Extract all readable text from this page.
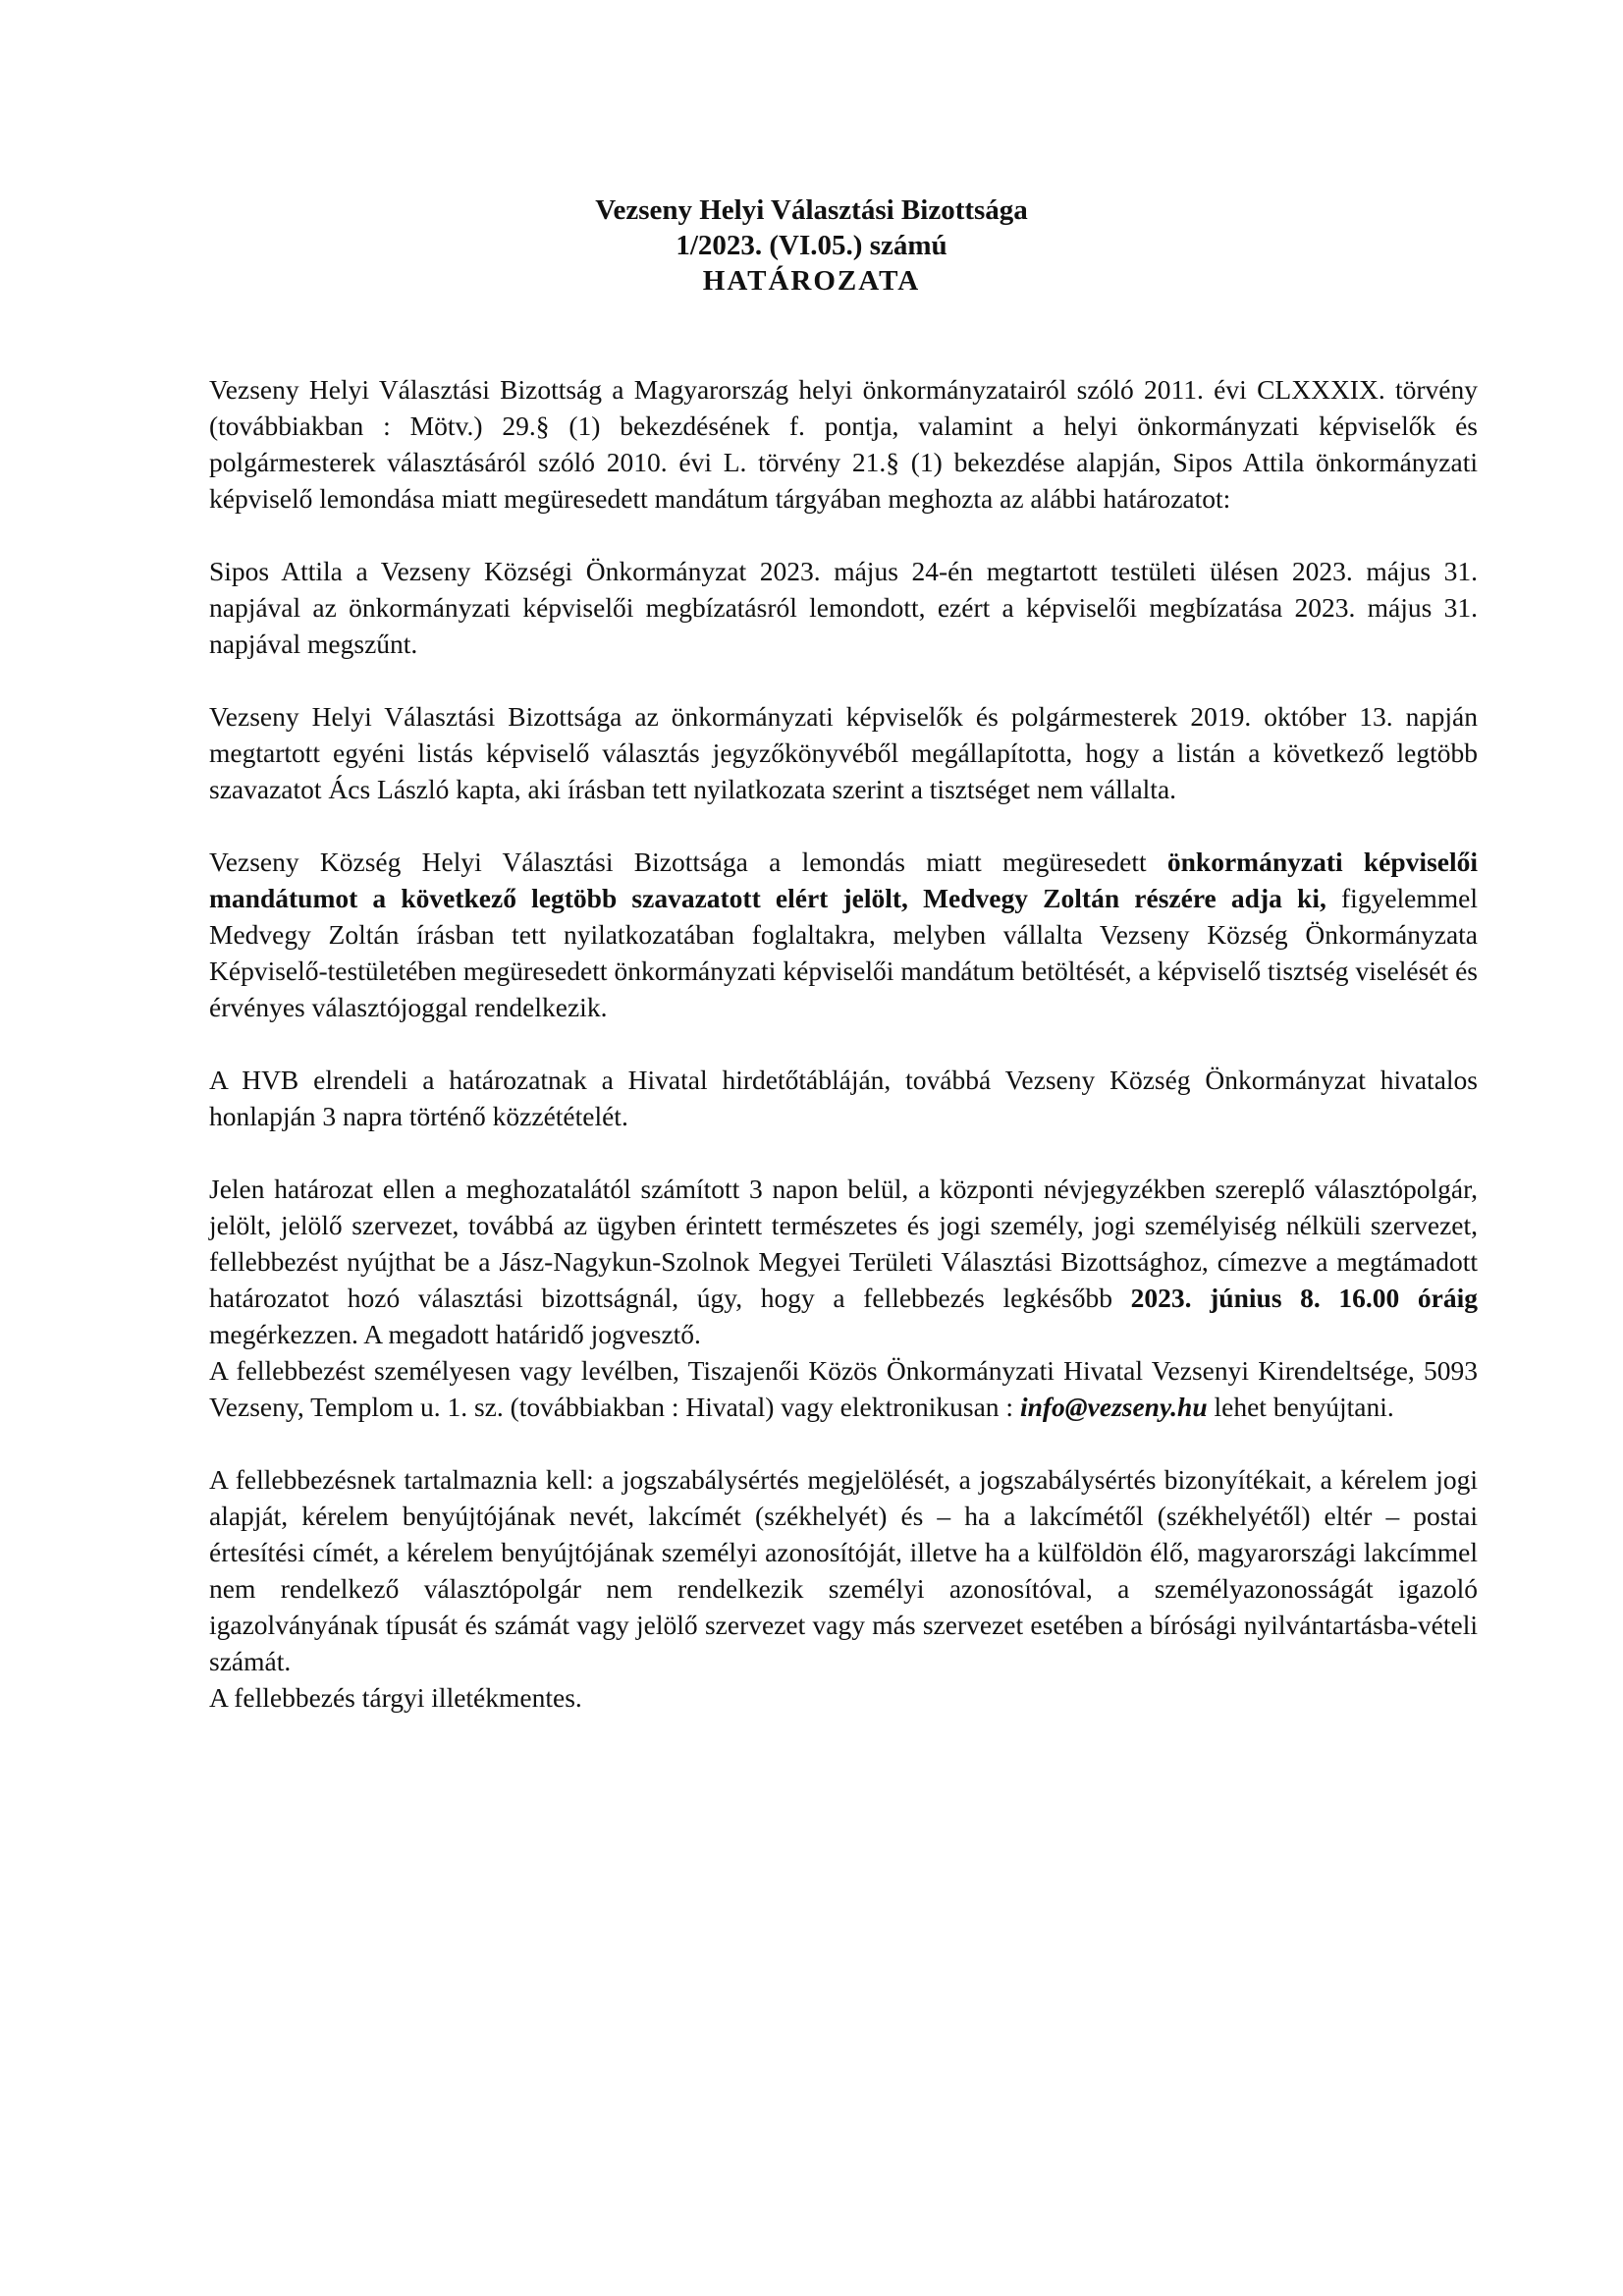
Vezseny Helyi Választási Bizottsága
1/2023. (VI.05.) számú
HATÁROZATA

Vezseny Helyi Választási Bizottság a Magyarország helyi önkormányzatairól szóló 2011. évi CLXXXIX. törvény (továbbiakban : Mötv.) 29.§ (1) bekezdésének f. pontja, valamint a helyi önkormányzati képviselők és polgármesterek választásáról szóló 2010. évi L. törvény 21.§ (1) bekezdése alapján, Sipos Attila önkormányzati képviselő lemondása miatt megüresedett mandátum tárgyában meghozta az alábbi határozatot:

Sipos Attila a Vezseny Községi Önkormányzat 2023. május 24-én megtartott testületi ülésen 2023. május 31. napjával az önkormányzati képviselői megbízatásról lemondott, ezért a képviselői megbízatása 2023. május 31. napjával megszűnt.

Vezseny Helyi Választási Bizottsága az önkormányzati képviselők és polgármesterek 2019. október 13. napján megtartott egyéni listás képviselő választás jegyzőkönyvéből megállapította, hogy a listán a következő legtöbb szavazatot Ács László kapta, aki írásban tett nyilatkozata szerint a tisztséget nem vállalta.

Vezseny Község Helyi Választási Bizottsága a lemondás miatt megüresedett önkormányzati képviselői mandátumot a következő legtöbb szavazatott elért jelölt, Medvegy Zoltán részére adja ki, figyelemmel Medvegy Zoltán írásban tett nyilatkozatában foglaltakra, melyben vállalta Vezseny Község Önkormányzata Képviselő-testületében megüresedett önkormányzati képviselői mandátum betöltését, a képviselő tisztség viselését és érvényes választójoggal rendelkezik.

A HVB elrendeli a határozatnak a Hivatal hirdetőtábláján, továbbá Vezseny Község Önkormányzat hivatalos honlapján 3 napra történő közzétételét.

Jelen határozat ellen a meghozatalától számított 3 napon belül, a központi névjegyzékben szereplő választópolgár, jelölt, jelölő szervezet, továbbá az ügyben érintett természetes és jogi személy, jogi személyiség nélküli szervezet, fellebbezést nyújthat be a Jász-Nagykun-Szolnok Megyei Területi Választási Bizottsághoz, címezve a megtámadott határozatot hozó választási bizottságnál, úgy, hogy a fellebbezés legkésőbb 2023. június 8. 16.00 óráig megérkezzen. A megadott határidő jogvesztő.

A fellebbezést személyesen vagy levélben, Tiszajenői Közös Önkormányzati Hivatal Vezsenyi Kirendeltsége, 5093 Vezseny, Templom u. 1. sz. (továbbiakban : Hivatal) vagy elektronikusan : info@vezseny.hu lehet benyújtani.

A fellebbezésnek tartalmaznia kell: a jogszabálysértés megjelölését, a jogszabálysértés bizonyítékait, a kérelem jogi alapját, kérelem benyújtójának nevét, lakcímét (székhelyét) és – ha a lakcímétől (székhelyétől) eltér – postai értesítési címét, a kérelem benyújtójának személyi azonosítóját, illetve ha a külföldön élő, magyarországi lakcímmel nem rendelkező választópolgár nem rendelkezik személyi azonosítóval, a személyazonosságát igazoló igazolványának típusát és számát vagy jelölő szervezet vagy más szervezet esetében a bírósági nyilvántartásba-vételi számát.

A fellebbezés tárgyi illetékmentes.
